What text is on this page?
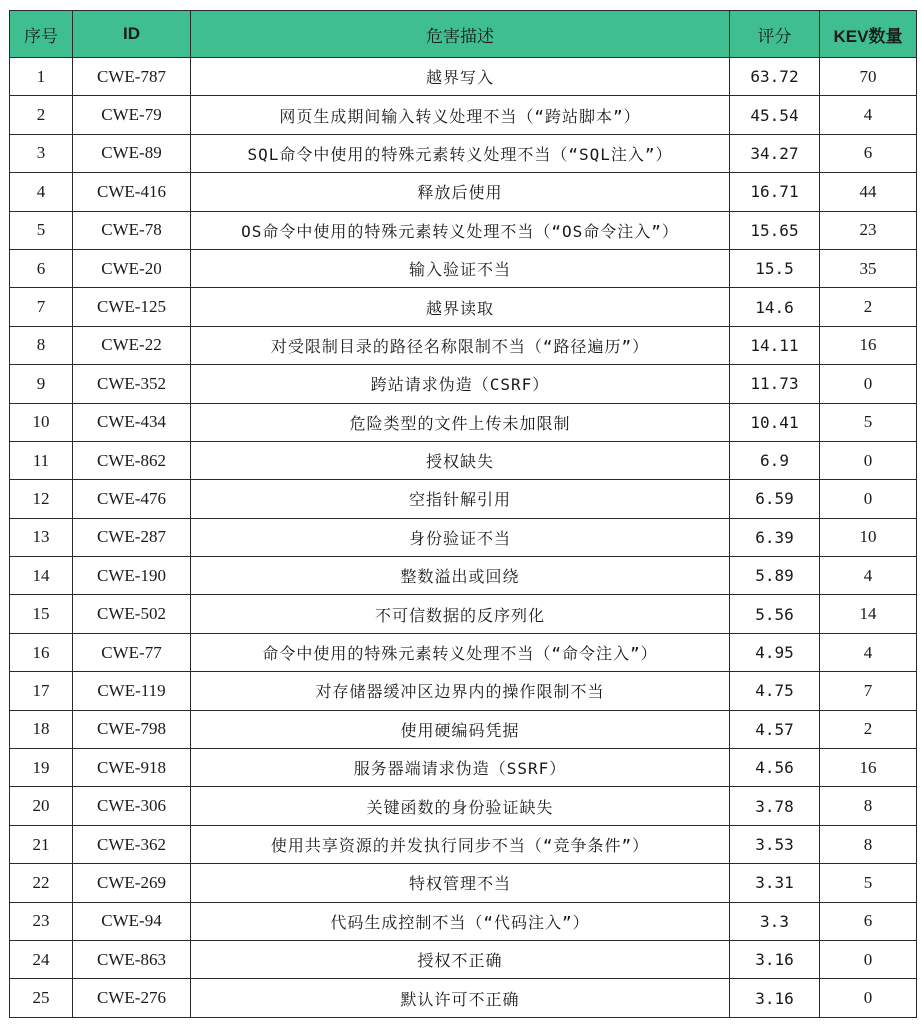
序号	ID	危害描述	评分	KEV数量
1	CWE-787	越界写入	63.72	70
2	CWE-79	网页生成期间输入转义处理不当（“跨站脚本”）	45.54	4
3	CWE-89	SQL命令中使用的特殊元素转义处理不当（“SQL注入”）	34.27	6
4	CWE-416	释放后使用	16.71	44
5	CWE-78	OS命令中使用的特殊元素转义处理不当（“OS命令注入”）	15.65	23
6	CWE-20	输入验证不当	15.5	35
7	CWE-125	越界读取	14.6	2
8	CWE-22	对受限制目录的路径名称限制不当（“路径遍历”）	14.11	16
9	CWE-352	跨站请求伪造（CSRF）	11.73	0
10	CWE-434	危险类型的文件上传未加限制	10.41	5
11	CWE-862	授权缺失	6.9	0
12	CWE-476	空指针解引用	6.59	0
13	CWE-287	身份验证不当	6.39	10
14	CWE-190	整数溢出或回绕	5.89	4
15	CWE-502	不可信数据的反序列化	5.56	14
16	CWE-77	命令中使用的特殊元素转义处理不当（“命令注入”）	4.95	4
17	CWE-119	对存储器缓冲区边界内的操作限制不当	4.75	7
18	CWE-798	使用硬编码凭据	4.57	2
19	CWE-918	服务器端请求伪造（SSRF）	4.56	16
20	CWE-306	关键函数的身份验证缺失	3.78	8
21	CWE-362	使用共享资源的并发执行同步不当（“竞争条件”）	3.53	8
22	CWE-269	特权管理不当	3.31	5
23	CWE-94	代码生成控制不当（“代码注入”）	3.3	6
24	CWE-863	授权不正确	3.16	0
25	CWE-276	默认许可不正确	3.16	0
